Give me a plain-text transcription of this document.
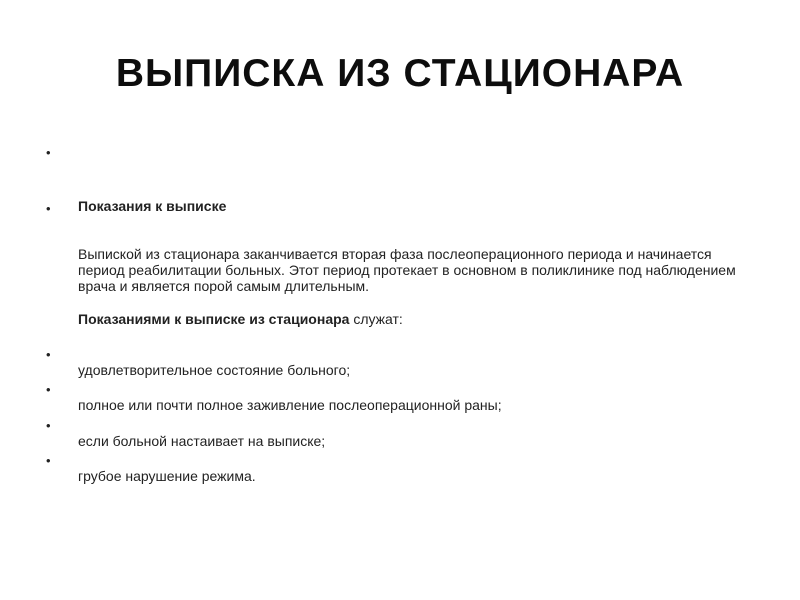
ВЫПИСКА ИЗ СТАЦИОНАРА
•
• Показания к выписке
Выпиской из стационара заканчивается вторая фаза послеоперационного периода и начинается период реабилитации больных. Этот период протекает в основном в поликлинике под наблюдением врача и является порой самым длительным.
Показаниями к выписке из стационара служат:
•
удовлетворительное состояние больного;
•
полное или почти полное заживление послеоперационной раны;
•
если больной настаивает на выписке;
•
грубое нарушение режима.
